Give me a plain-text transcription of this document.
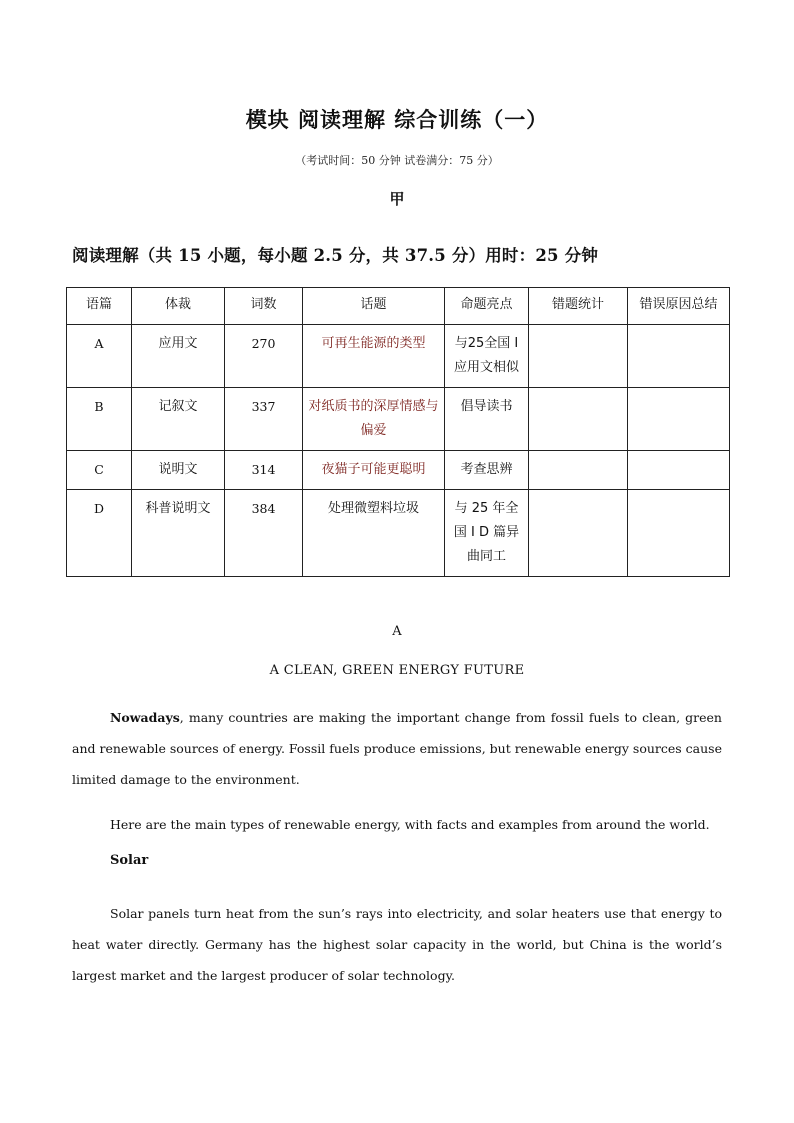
模块 阅读理解 综合训练（一）
（考试时间：50 分钟 试卷满分：75 分）
甲
阅读理解（共 15 小题，每小题 2.5 分，共 37.5 分）用时：25 分钟
语篇	体裁	词数	话题	命题亮点	错题统计	错误原因总结
A	应用文	270	可再生能源的类型	与25全国 I 应用文相似		
B	记叙文	337	对纸质书的深厚情感与偏爱	倡导读书		
C	说明文	314	夜猫子可能更聪明	考查思辨		
D	科普说明文	384	处理微塑料垃圾	与 25 年全国 I D 篇异曲同工		
A
A CLEAN, GREEN ENERGY FUTURE

Nowadays, many countries are making the important change from fossil fuels to clean, green and renewable sources of energy. Fossil fuels produce emissions, but renewable energy sources cause limited damage to the environment.

Here are the main types of renewable energy, with facts and examples from around the world.

Solar

Solar panels turn heat from the sun’s rays into electricity, and solar heaters use that energy to heat water directly. Germany has the highest solar capacity in the world, but China is the world’s largest market and the largest producer of solar technology.
